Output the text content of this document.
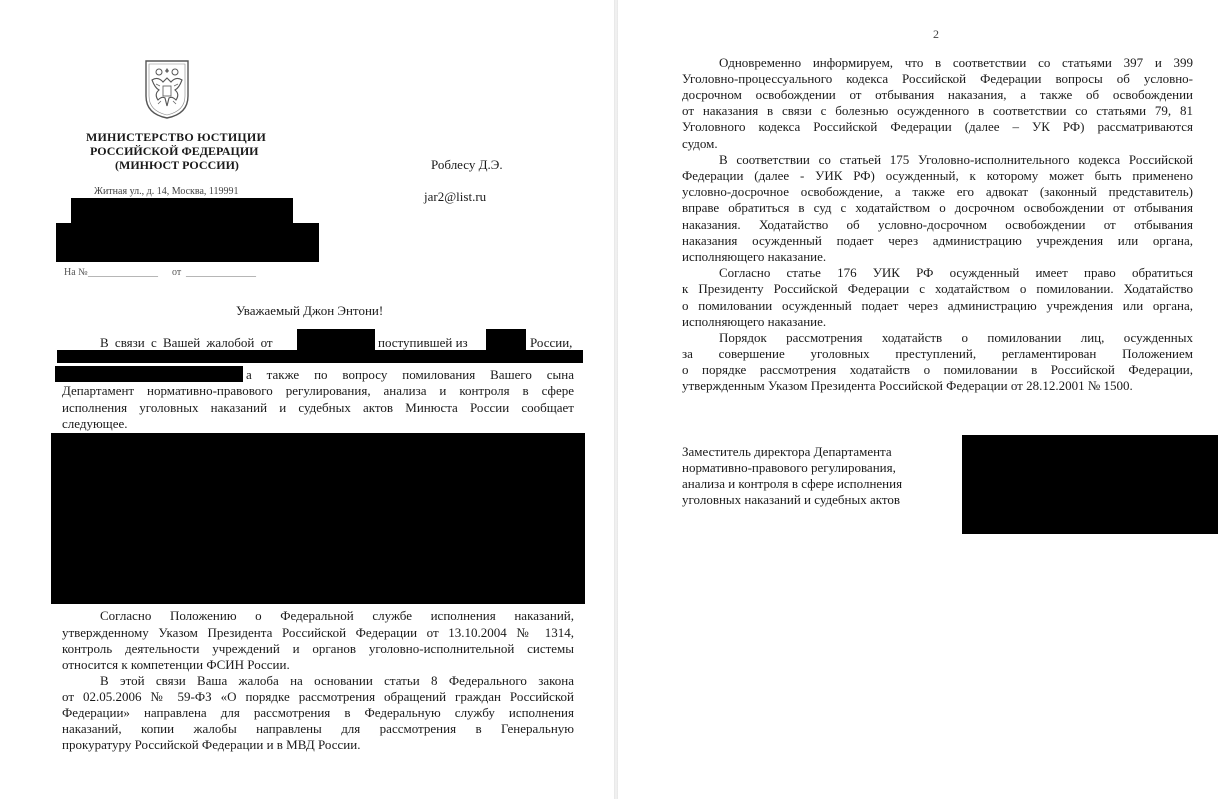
МИНИСТЕРСТВО ЮСТИЦИИ
РОССИЙСКОЙ ФЕДЕРАЦИИ
(МИНЮСТ РОССИИ)	Роблесу Д.Э.
Житная ул., д. 14, Москва, 119991	jar2@list.ru
На № ______________ от ______________
Уважаемый Джон Энтони!
В связи с Вашей жалобой от	поступившей из	России,
а также по вопросу помилования Вашего сына
Департамент нормативно-правового регулирования, анализа и контроля в сфере
исполнения уголовных наказаний и судебных актов Минюста России сообщает
следующее.
Согласно Положению о Федеральной службе исполнения наказаний,
утвержденному Указом Президента Российской Федерации от 13.10.2004 № 1314,
контроль деятельности учреждений и органов уголовно-исполнительной системы
относится к компетенции ФСИН России.
В этой связи Ваша жалоба на основании статьи 8 Федерального закона
от 02.05.2006 № 59-ФЗ «О порядке рассмотрения обращений граждан Российской
Федерации» направлена для рассмотрения в Федеральную службу исполнения
наказаний, копии жалобы направлены для рассмотрения в Генеральную
прокуратуру Российской Федерации и в МВД России.
2
Одновременно информируем, что в соответствии со статьями 397 и 399
Уголовно-процессуального кодекса Российской Федерации вопросы об условно-
досрочном освобождении от отбывания наказания, а также об освобождении
от наказания в связи с болезнью осужденного в соответствии со статьями 79, 81
Уголовного кодекса Российской Федерации (далее – УК РФ) рассматриваются
судом.
В соответствии со статьей 175 Уголовно-исполнительного кодекса Российской
Федерации (далее - УИК РФ) осужденный, к которому может быть применено
условно-досрочное освобождение, а также его адвокат (законный представитель)
вправе обратиться в суд с ходатайством о досрочном освобождении от отбывания
наказания. Ходатайство об условно-досрочном освобождении от отбывания
наказания осужденный подает через администрацию учреждения или органа,
исполняющего наказание.
Согласно статье 176 УИК РФ осужденный имеет право обратиться
к Президенту Российской Федерации с ходатайством о помиловании. Ходатайство
о помиловании осужденный подает через администрацию учреждения или органа,
исполняющего наказание.
Порядок рассмотрения ходатайств о помиловании лиц, осужденных
за совершение уголовных преступлений, регламентирован Положением
о порядке рассмотрения ходатайств о помиловании в Российской Федерации,
утвержденным Указом Президента Российской Федерации от 28.12.2001 № 1500.
Заместитель директора Департамента
нормативно-правового регулирования,
анализа и контроля в сфере исполнения
уголовных наказаний и судебных актов
